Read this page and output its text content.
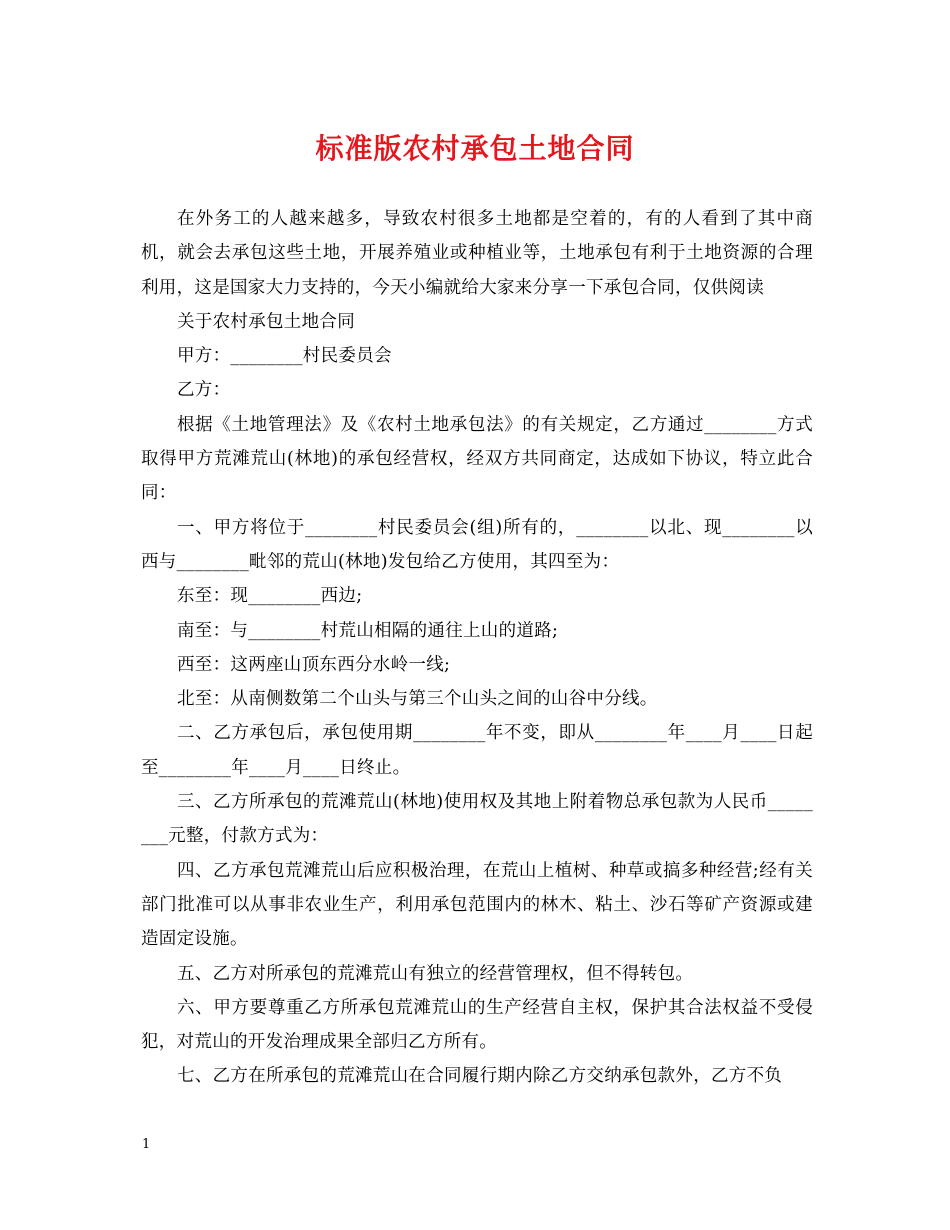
标准版农村承包土地合同

在外务工的人越来越多，导致农村很多土地都是空着的，有的人看到了其中商机，就会去承包这些土地，开展养殖业或种植业等，土地承包有利于土地资源的合理利用，这是国家大力支持的，今天小编就给大家来分享一下承包合同，仅供阅读

关于农村承包土地合同

甲方：________村民委员会

乙方：

根据《土地管理法》及《农村土地承包法》的有关规定，乙方通过________方式取得甲方荒滩荒山(林地)的承包经营权，经双方共同商定，达成如下协议，特立此合同：

一、甲方将位于________村民委员会(组)所有的，________以北、现________以西与________毗邻的荒山(林地)发包给乙方使用，其四至为：

东至：现________西边;

南至：与________村荒山相隔的通往上山的道路;

西至：这两座山顶东西分水岭一线;

北至：从南侧数第二个山头与第三个山头之间的山谷中分线。

二、乙方承包后，承包使用期________年不变，即从________年____月____日起至________年____月____日终止。

三、乙方所承包的荒滩荒山(林地)使用权及其地上附着物总承包款为人民币________元整，付款方式为：

四、乙方承包荒滩荒山后应积极治理，在荒山上植树、种草或搞多种经营;经有关部门批准可以从事非农业生产，利用承包范围内的林木、粘土、沙石等矿产资源或建造固定设施。

五、乙方对所承包的荒滩荒山有独立的经营管理权，但不得转包。

六、甲方要尊重乙方所承包荒滩荒山的生产经营自主权，保护其合法权益不受侵犯，对荒山的开发治理成果全部归乙方所有。

七、乙方在所承包的荒滩荒山在合同履行期内除乙方交纳承包款外，乙方不负

1
